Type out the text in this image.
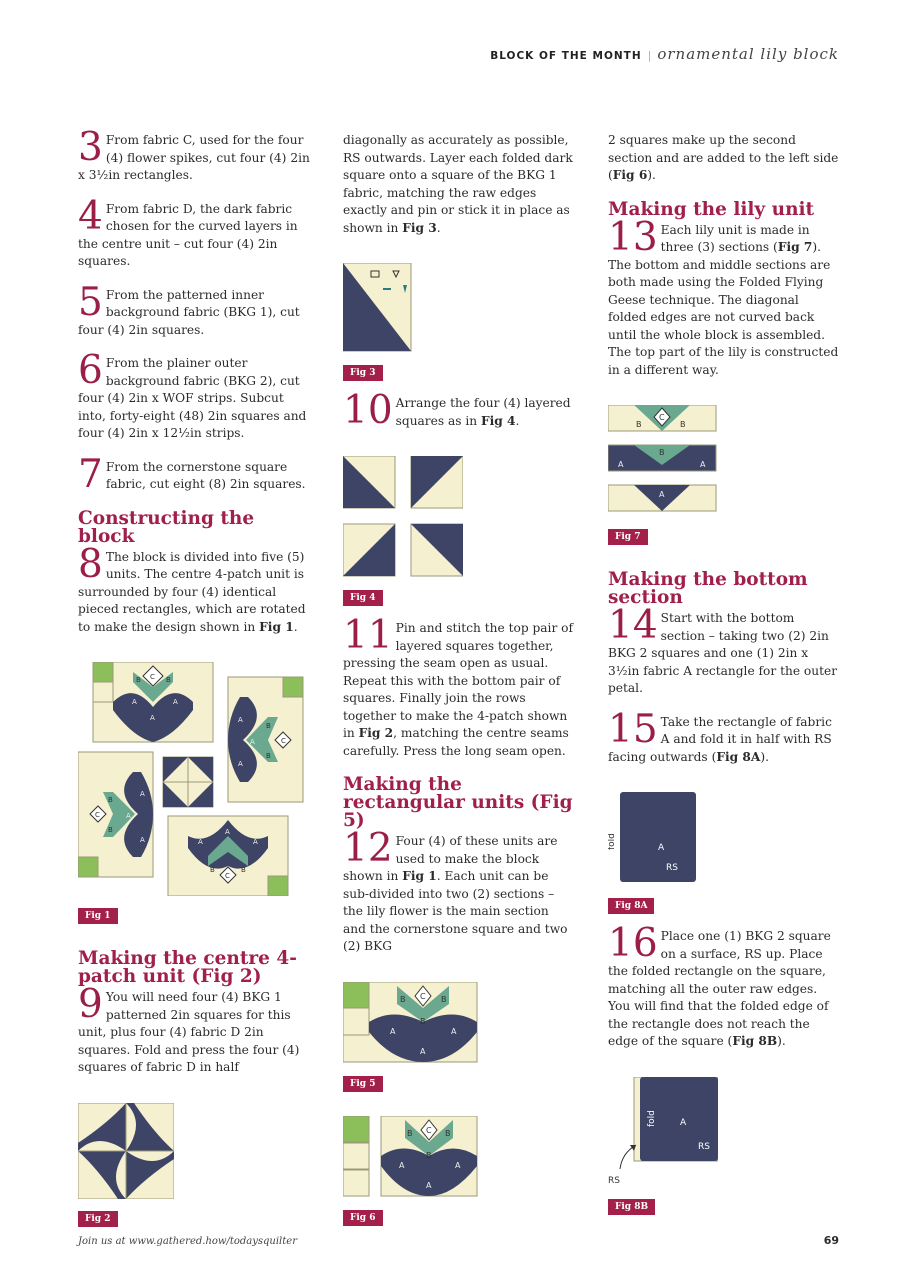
BLOCK OF THE MONTH | ornamental lily block

3 From fabric C, used for the four (4) flower spikes, cut four (4) 2in x 3½in rectangles.

4 From fabric D, the dark fabric chosen for the curved layers in the centre unit – cut four (4) 2in squares.

5 From the patterned inner background fabric (BKG 1), cut four (4) 2in squares.

6 From the plainer outer background fabric (BKG 2), cut four (4) 2in x WOF strips. Subcut into, forty-eight (48) 2in squares and four (4) 2in x 12½in strips.

7 From the cornerstone square fabric, cut eight (8) 2in squares.

Constructing the block

8 The block is divided into five (5) units. The centre 4-patch unit is surrounded by four (4) identical pieced rectangles, which are rotated to make the design shown in Fig 1.

A
A
A
B	B
C
A
A
A
B
B
C
A
A
A
B
B
C
A
A
A
B	B
C
Fig 1
Making the centre 4-patch unit (Fig 2)

9 You will need four (4) BKG 1 patterned 2in squares for this unit, plus four (4) fabric D 2in squares. Fold and press the four (4) squares of fabric D in half

Fig 2

diagonally as accurately as possible, RS outwards. Layer each folded dark square onto a square of the BKG 1 fabric, matching the raw edges exactly and pin or stick it in place as shown in Fig 3.

Fig 3

10 Arrange the four (4) layered squares as in Fig 4.

Fig 4

11 Pin and stitch the top pair of layered squares together, pressing the seam open as usual. Repeat this with the bottom pair of squares. Finally join the rows together to make the 4-patch shown in Fig 2, matching the centre seams carefully. Press the long seam open.

Making the rectangular units (Fig 5)

12 Four (4) of these units are used to make the block shown in Fig 1. Each unit can be sub-divided into two (2) sections – the lily flower is the main section and the cornerstone square and two (2) BKG

A
A
A
B
B
B
C
Fig 5
A
A
A
B
B
B
C
Fig 6

2 squares make up the second section and are added to the left side (Fig 6).

Making the lily unit

13 Each lily unit is made in three (3) sections (Fig 7). The bottom and middle sections are both made using the Folded Flying Geese technique. The diagonal folded edges are not curved back until the whole block is assembled. The top part of the lily is constructed in a different way.

B	B
C
B
A	A
A
Fig 7
Making the bottom section

14 Start with the bottom section – taking two (2) 2in BKG 2 squares and one (1) 2in x 3½in fabric A rectangle for the outer petal.

15 Take the rectangle of fabric A and fold it in half with RS facing outwards (Fig 8A).

fold	A
RS
Fig 8A

16 Place one (1) BKG 2 square on a surface, RS up. Place the folded rectangle on the square, matching all the outer raw edges. You will find that the folded edge of the rectangle does not reach the edge of the square (Fig 8B).

fold	A
RS
RS
Fig 8B
Join us at www.gathered.how/todaysquilter	69
